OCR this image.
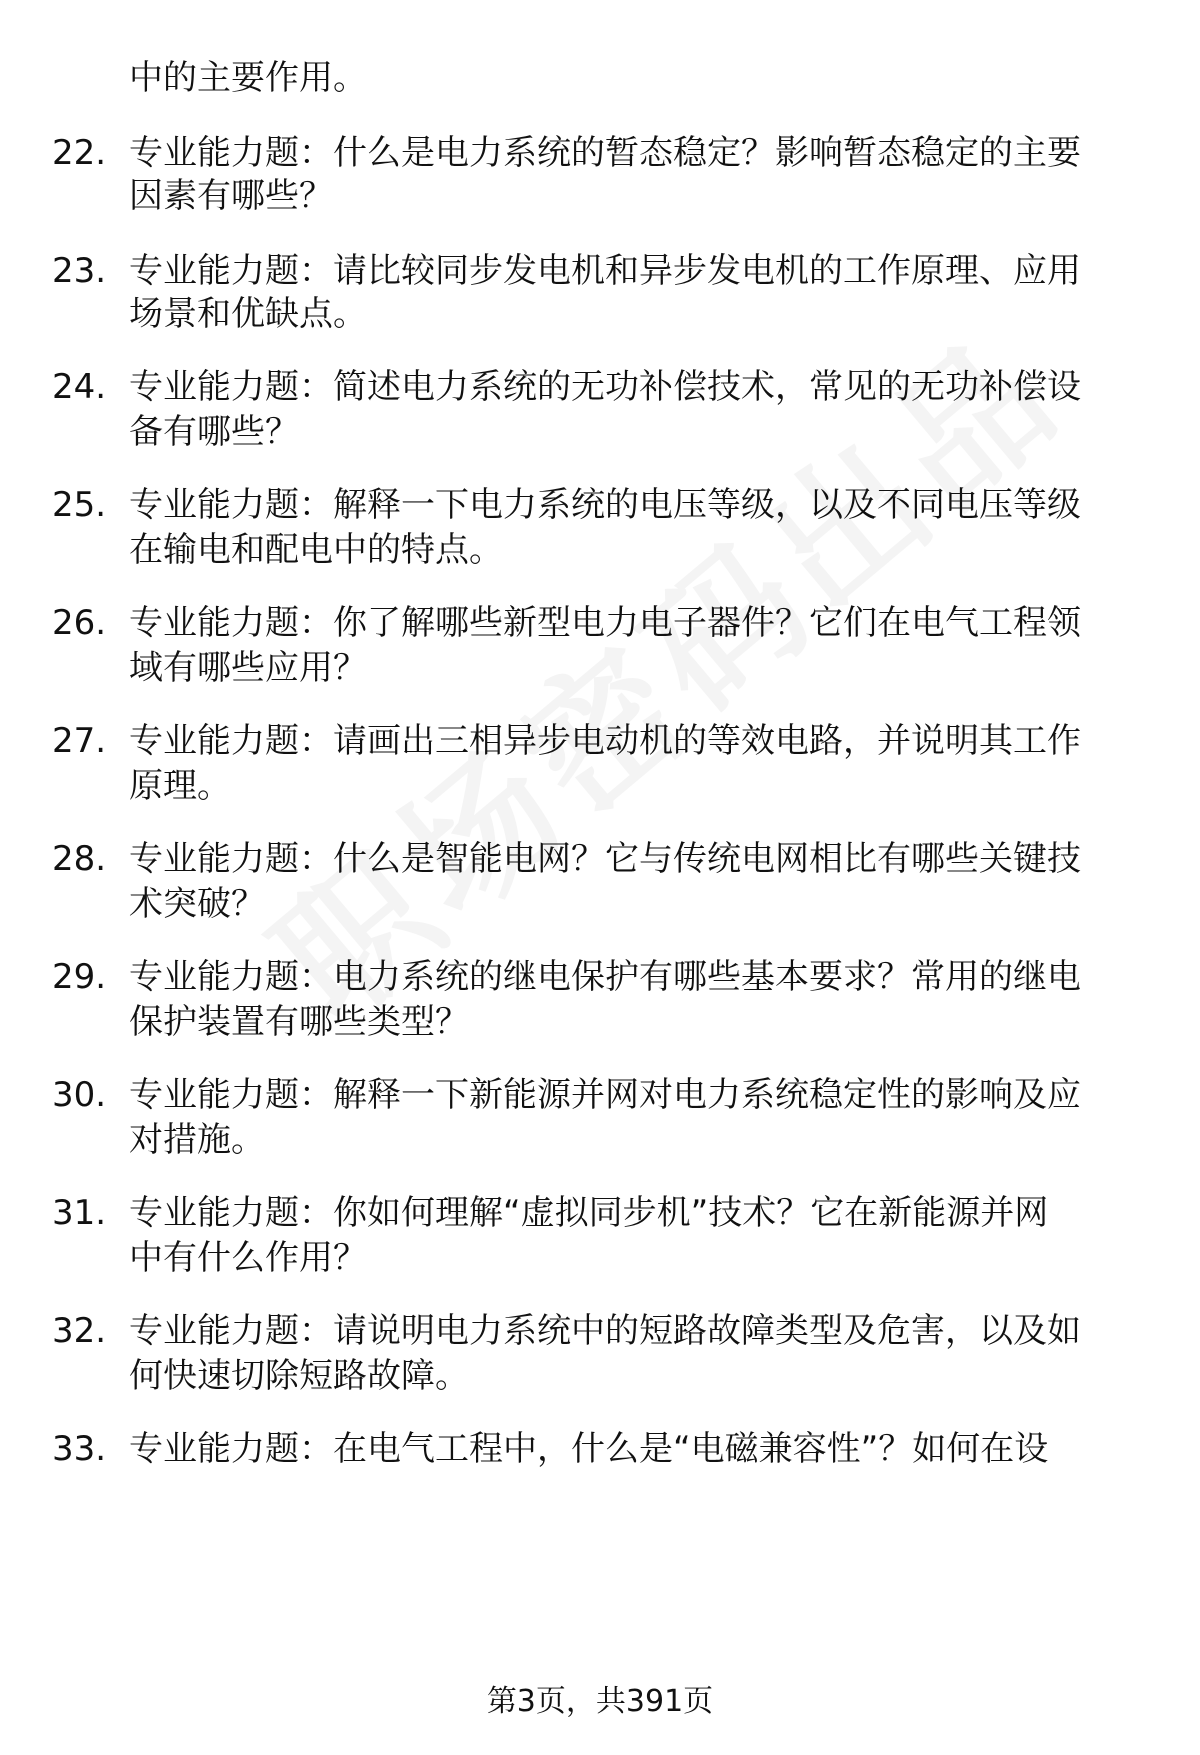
中的主要作用。
22. 专业能力题：什么是电力系统的暂态稳定？影响暂态稳定的主要
因素有哪些？
23. 专业能力题：请比较同步发电机和异步发电机的工作原理、应用
场景和优缺点。
24. 专业能力题：简述电力系统的无功补偿技术，常见的无功补偿设
备有哪些？
25. 专业能力题：解释一下电力系统的电压等级，以及不同电压等级
在输电和配电中的特点。
26. 专业能力题：你了解哪些新型电力电子器件？它们在电气工程领
域有哪些应用？
27. 专业能力题：请画出三相异步电动机的等效电路，并说明其工作
原理。
28. 专业能力题：什么是智能电网？它与传统电网相比有哪些关键技
术突破？
29. 专业能力题：电力系统的继电保护有哪些基本要求？常用的继电
保护装置有哪些类型？
30. 专业能力题：解释一下新能源并网对电力系统稳定性的影响及应
对措施。
31. 专业能力题：你如何理解“虚拟同步机”技术？它在新能源并网
中有什么作用？
32. 专业能力题：请说明电力系统中的短路故障类型及危害，以及如
何快速切除短路故障。
33. 专业能力题：在电气工程中，什么是“电磁兼容性”？如何在设
第3页，共391页
